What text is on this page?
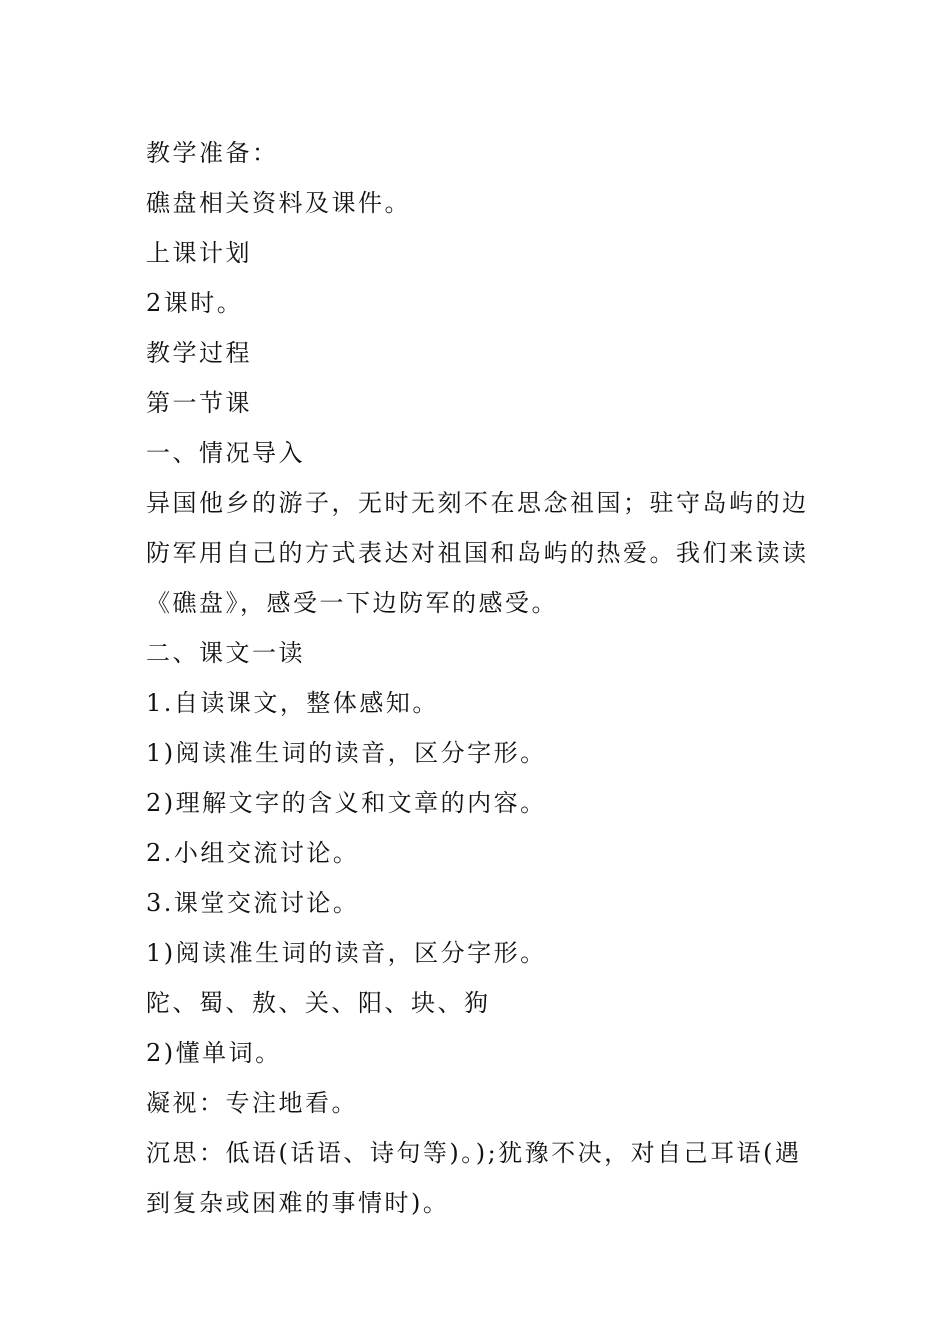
教学准备：
礁盘相关资料及课件。
上课计划
2课时。
教学过程
第一节课
一、情况导入
异国他乡的游子，无时无刻不在思念祖国；驻守岛屿的边
防军用自己的方式表达对祖国和岛屿的热爱。我们来读读
《礁盘》，感受一下边防军的感受。
二、课文一读
1.自读课文，整体感知。
1)阅读准生词的读音，区分字形。
2)理解文字的含义和文章的内容。
2.小组交流讨论。
3.课堂交流讨论。
1)阅读准生词的读音，区分字形。
陀、蜀、敖、关、阳、块、狗
2)懂单词。
凝视：专注地看。
沉思：低语(话语、诗句等)。);犹豫不决，对自己耳语(遇
到复杂或困难的事情时)。
